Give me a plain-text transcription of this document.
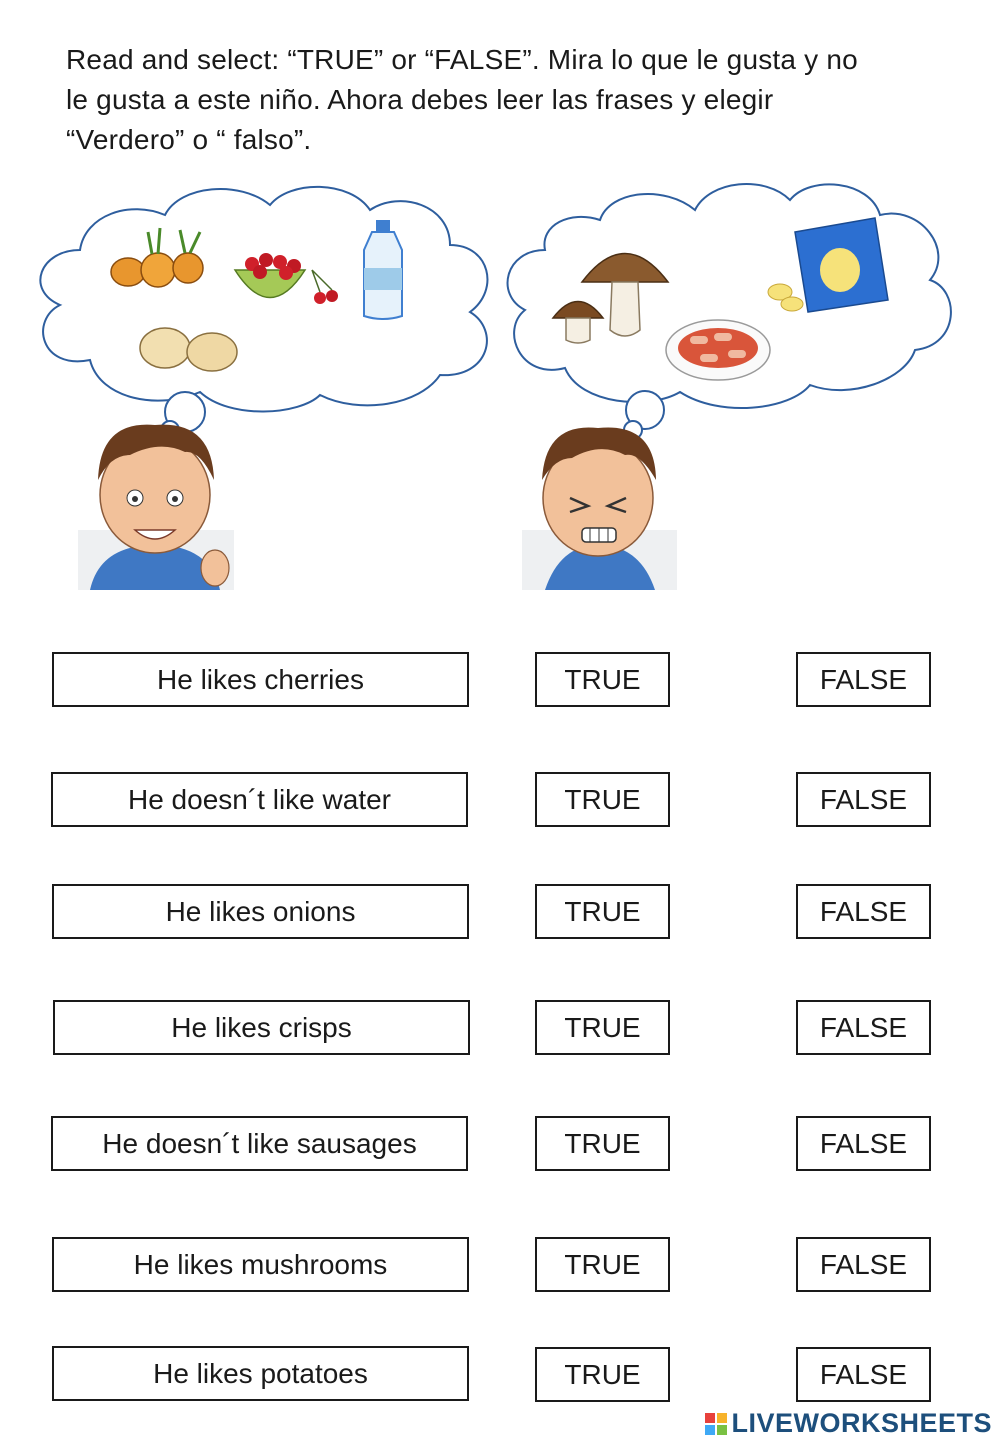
Read and select: “TRUE” or “FALSE”. Mira lo que le gusta y no

le gusta a este niño. Ahora debes leer las frases y elegir

“Verdero” o “ falso”.

He likes cherries	TRUE	FALSE
He doesn´t like water	TRUE	FALSE
He likes onions	TRUE	FALSE
He likes crisps	TRUE	FALSE
He doesn´t like sausages	TRUE	FALSE
He likes mushrooms	TRUE	FALSE
He likes potatoes	TRUE	FALSE
LIVEWORKSHEETS
